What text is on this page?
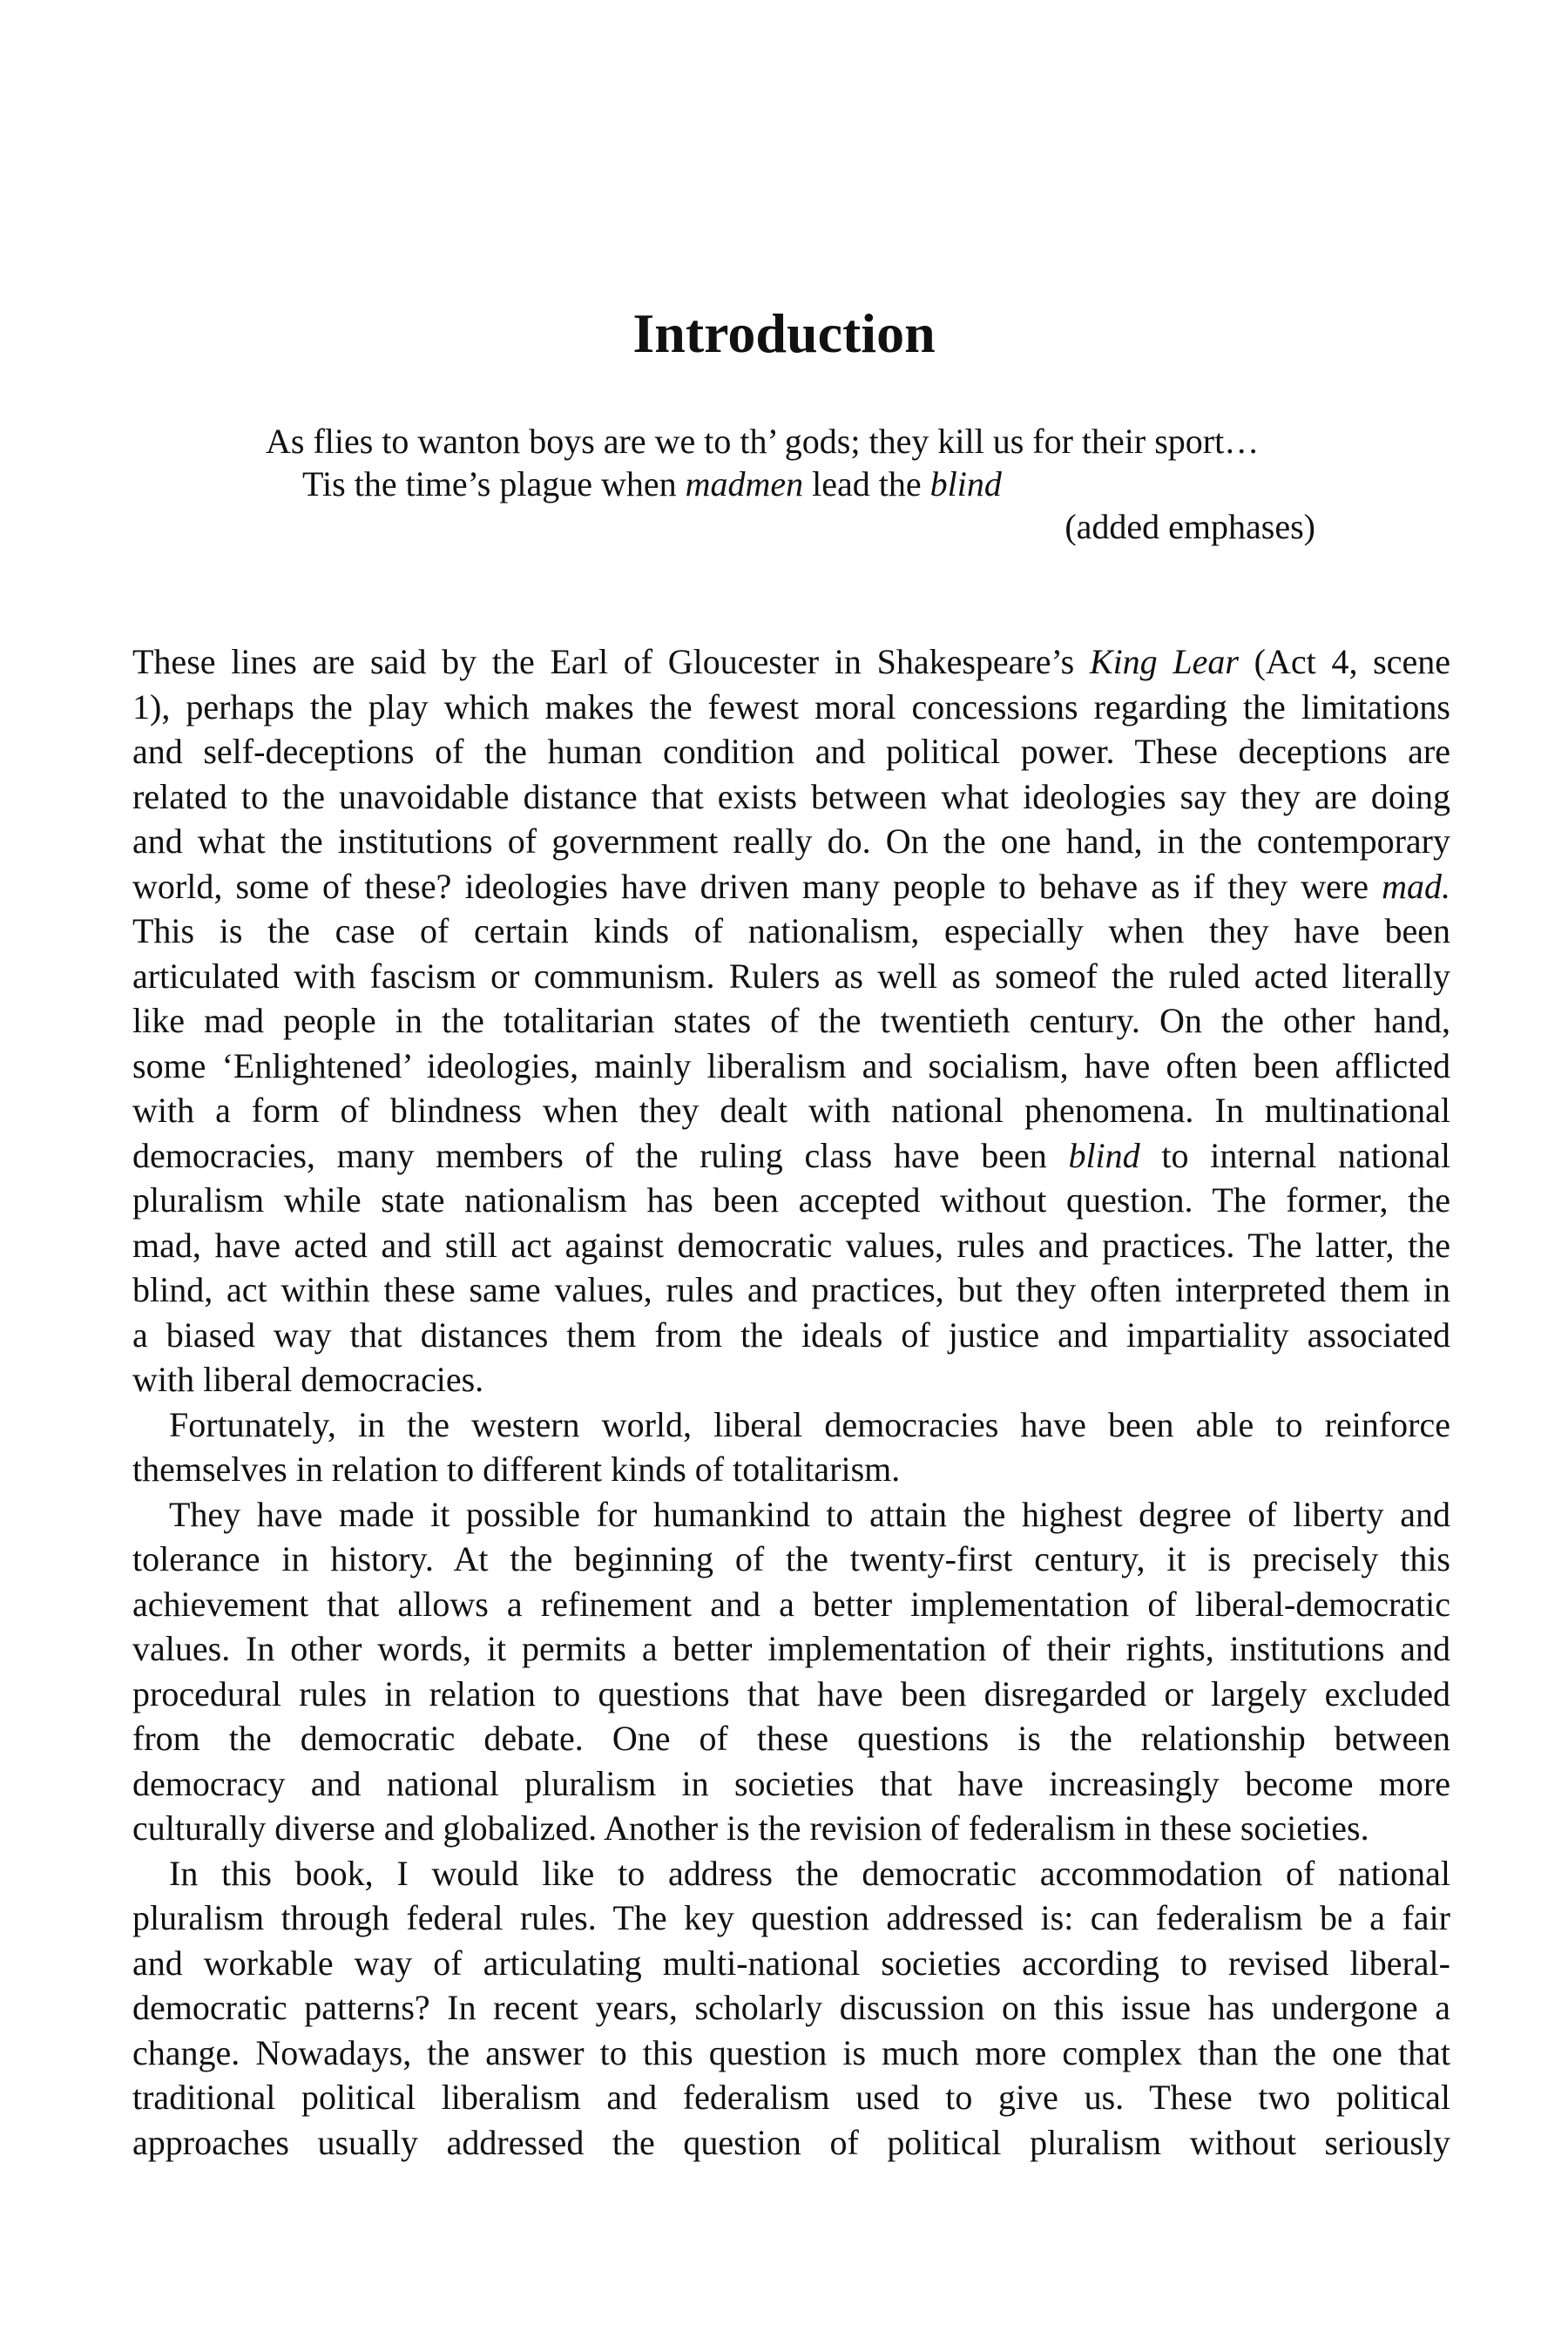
Introduction
As flies to wanton boys are we to th’ gods; they kill us for their sport…
Tis the time’s plague when madmen lead the blind
(added emphases)
These lines are said by the Earl of Gloucester in Shakespeare’s King Lear (Act 4, scene
1), perhaps the play which makes the fewest moral concessions regarding the limitations
and self-deceptions of the human condition and political power. These deceptions are
related to the unavoidable distance that exists between what ideologies say they are doing
and what the institutions of government really do. On the one hand, in the contemporary
world, some of these? ideologies have driven many people to behave as if they were mad.
This is the case of certain kinds of nationalism, especially when they have been
articulated with fascism or communism. Rulers as well as someof the ruled acted literally
like mad people in the totalitarian states of the twentieth century. On the other hand,
some ‘Enlightened’ ideologies, mainly liberalism and socialism, have often been afflicted
with a form of blindness when they dealt with national phenomena. In multinational
democracies, many members of the ruling class have been blind to internal national
pluralism while state nationalism has been accepted without question. The former, the
mad, have acted and still act against democratic values, rules and practices. The latter, the
blind, act within these same values, rules and practices, but they often interpreted them in
a biased way that distances them from the ideals of justice and impartiality associated
with liberal democracies.
Fortunately, in the western world, liberal democracies have been able to reinforce
themselves in relation to different kinds of totalitarism.
They have made it possible for humankind to attain the highest degree of liberty and
tolerance in history. At the beginning of the twenty-first century, it is precisely this
achievement that allows a refinement and a better implementation of liberal-democratic
values. In other words, it permits a better implementation of their rights, institutions and
procedural rules in relation to questions that have been disregarded or largely excluded
from the democratic debate. One of these questions is the relationship between
democracy and national pluralism in societies that have increasingly become more
culturally diverse and globalized. Another is the revision of federalism in these societies.
In this book, I would like to address the democratic accommodation of national
pluralism through federal rules. The key question addressed is: can federalism be a fair
and workable way of articulating multi-national societies according to revised liberal-
democratic patterns? In recent years, scholarly discussion on this issue has undergone a
change. Nowadays, the answer to this question is much more complex than the one that
traditional political liberalism and federalism used to give us. These two political
approaches usually addressed the question of political pluralism without seriously
